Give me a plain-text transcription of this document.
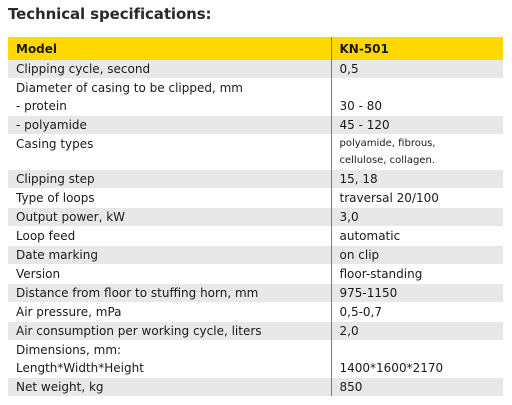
Technical specifications:
Model	KN-501

Clipping cycle, second	0,5

Diameter of casing to be clipped, mm
- protein	30 - 80

- polyamide	45 - 120

Casing types	polyamide, fibrous,
cellulose, collagen.

Clipping step	15, 18

Type of loops	traversal 20/100

Output power, kW	3,0

Loop feed	automatic

Date marking	on clip

Version	floor-standing

Distance from floor to stuffing horn, mm	975-1150

Air pressure, mPa	0,5-0,7

Air consumption per working cycle, liters	2,0

Dimensions, mm:
Length*Width*Height	1400*1600*2170

Net weight, kg	850
